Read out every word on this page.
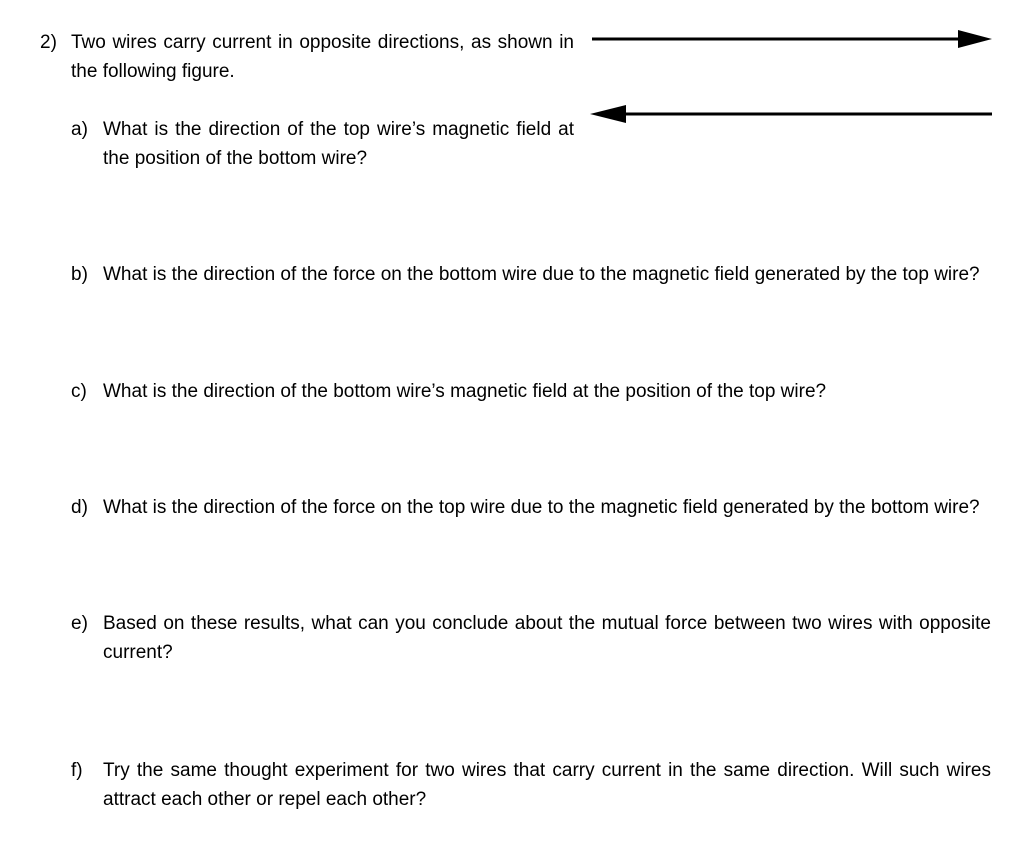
2) Two wires carry current in opposite directions, as shown in the following figure.
a) What is the direction of the top wire’s magnetic field at the position of the bottom wire?
b) What is the direction of the force on the bottom wire due to the magnetic field generated by the top wire?
c) What is the direction of the bottom wire’s magnetic field at the position of the top wire?
d) What is the direction of the force on the top wire due to the magnetic field generated by the bottom wire?
e) Based on these results, what can you conclude about the mutual force between two wires with opposite current?
f) Try the same thought experiment for two wires that carry current in the same direction. Will such wires attract each other or repel each other?
